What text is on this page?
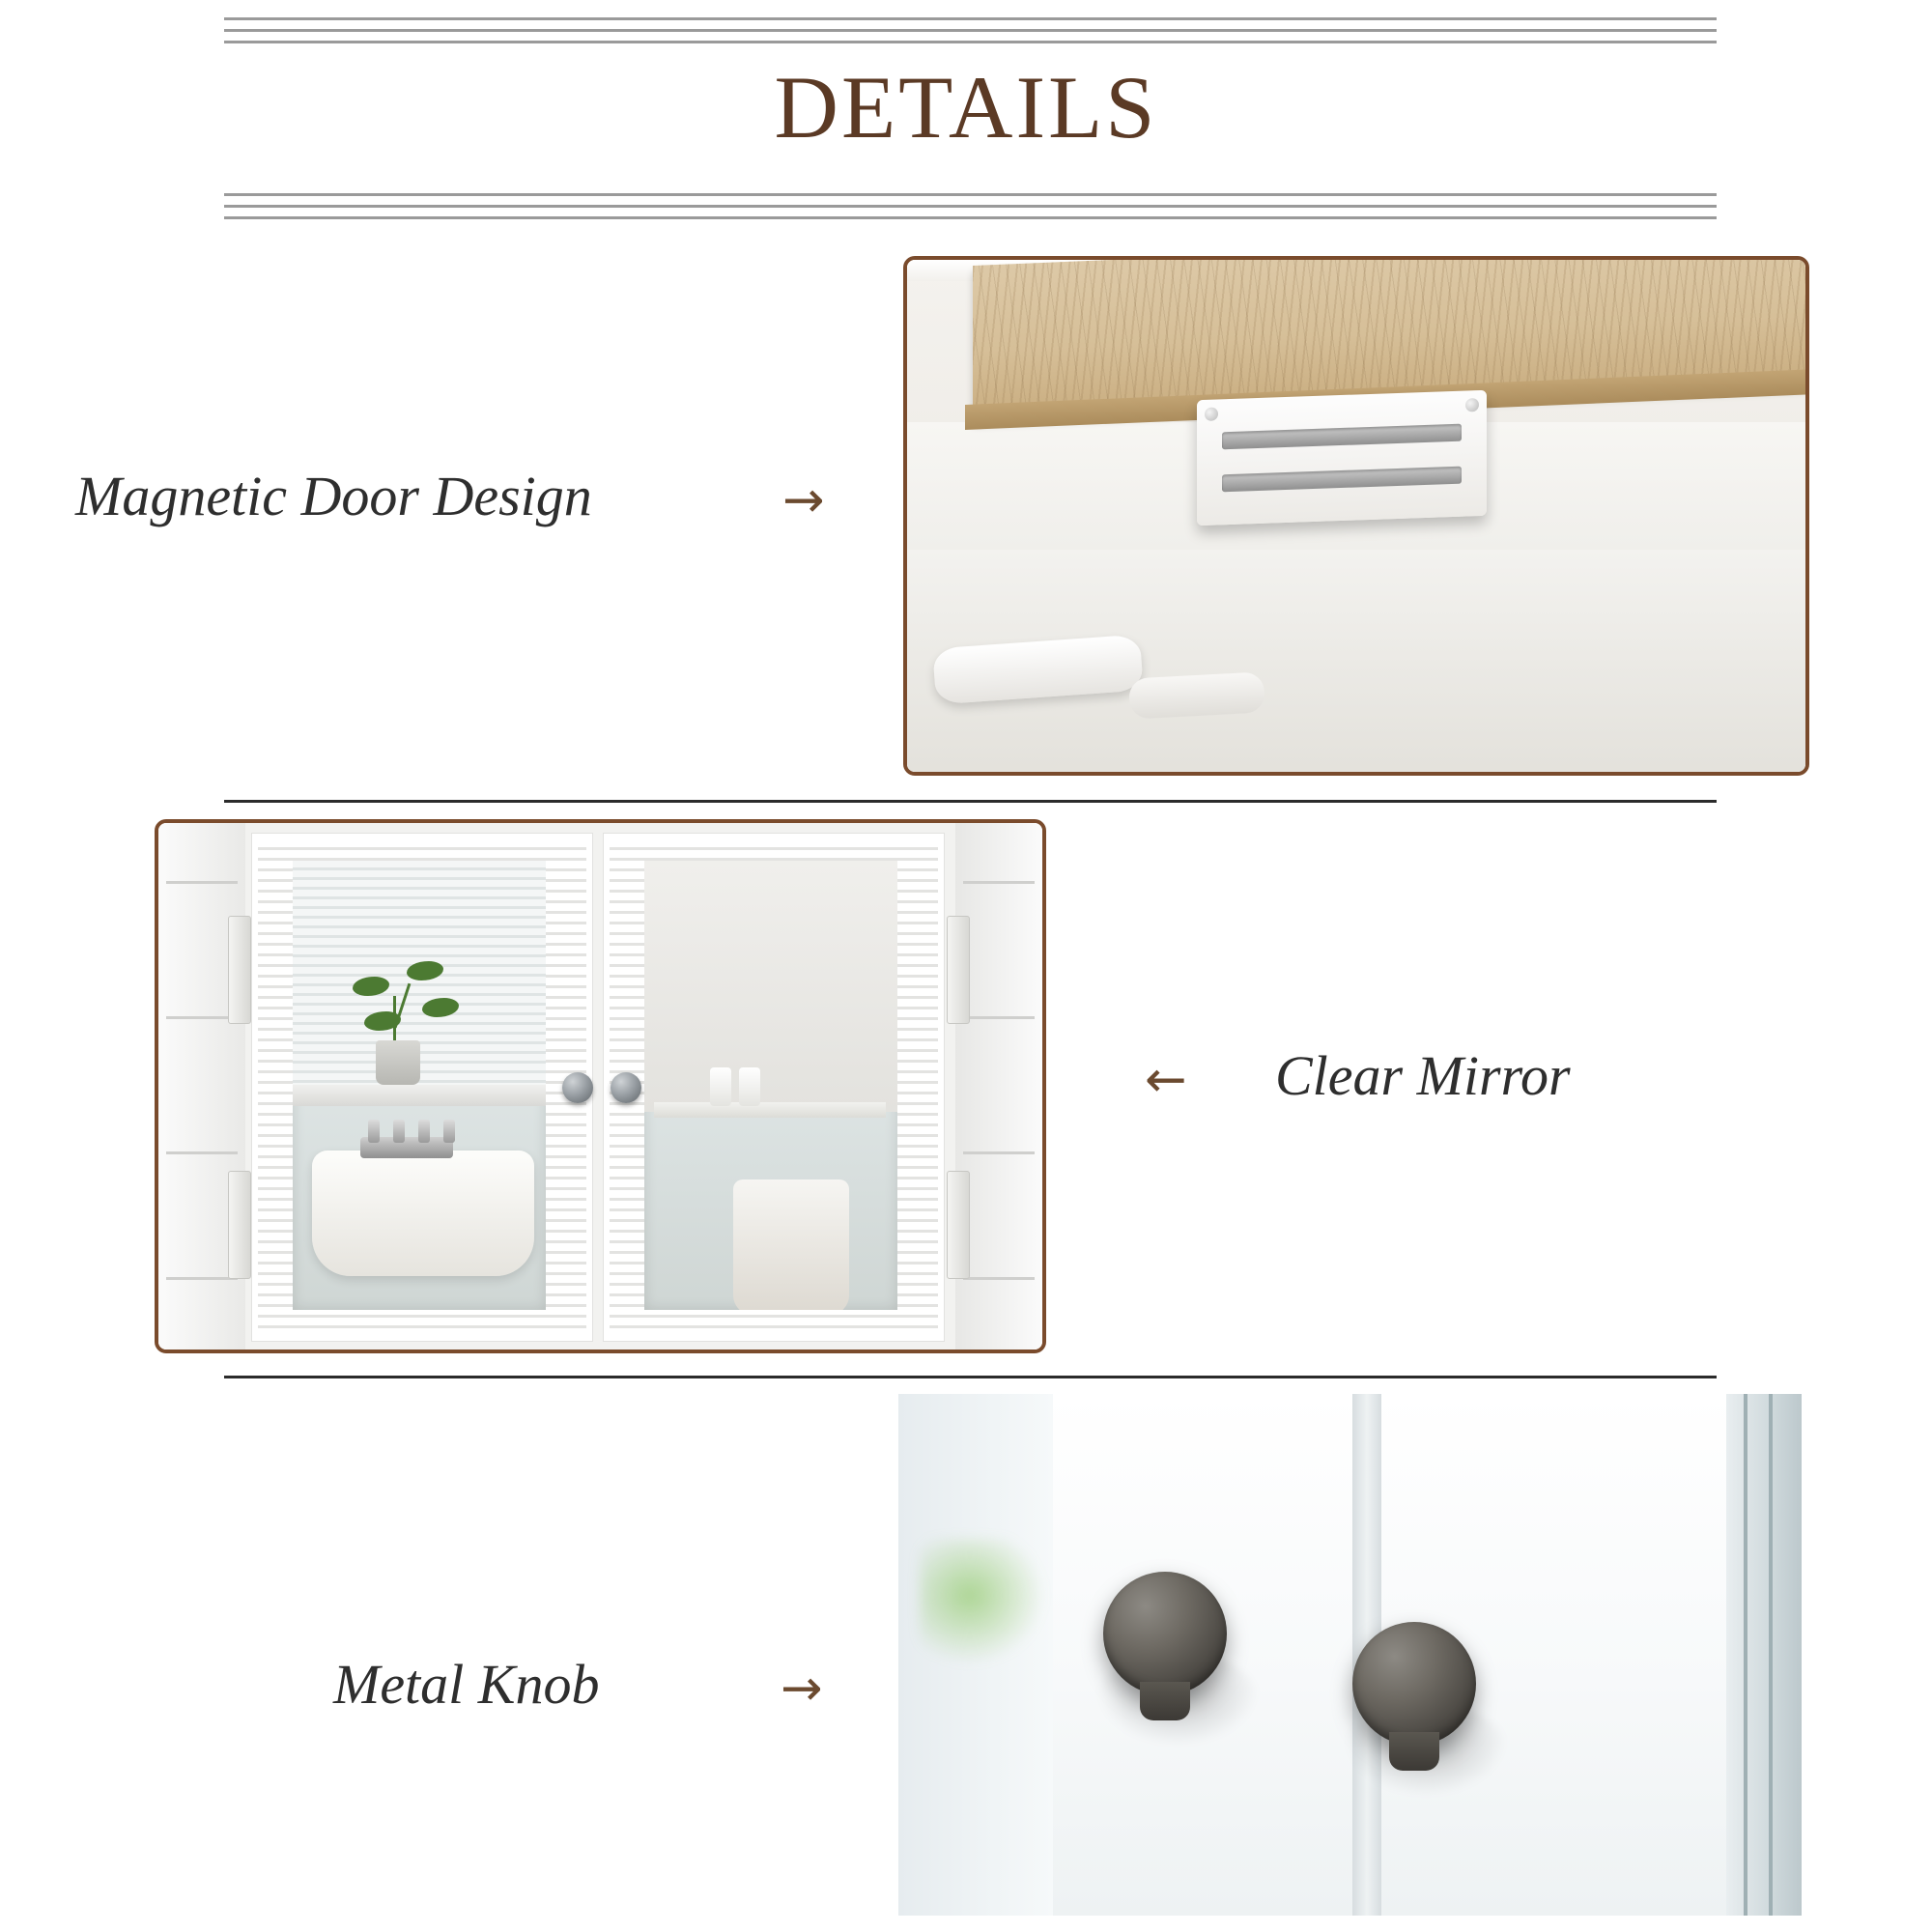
DETAILS
Magnetic Door Design	→
← Clear Mirror
Metal Knob	→
